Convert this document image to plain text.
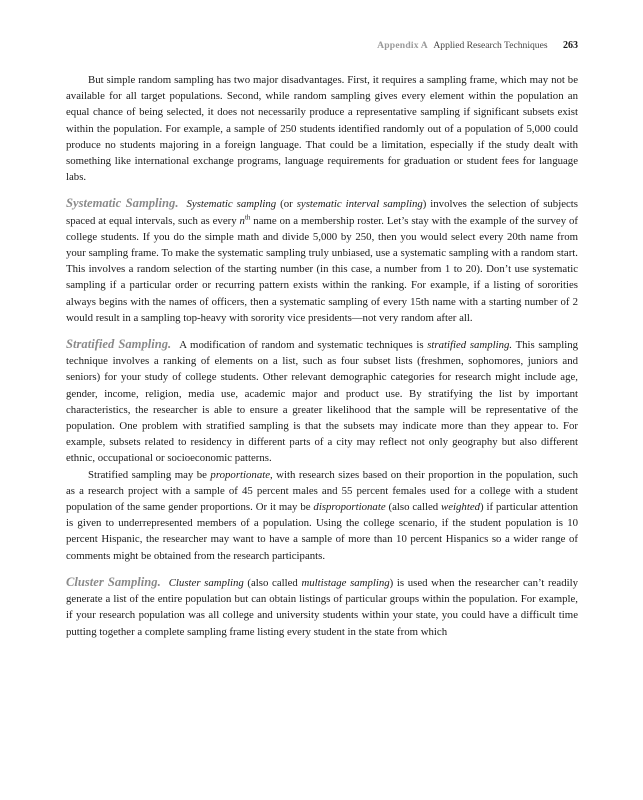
Appendix A Applied Research Techniques	263

But simple random sampling has two major disadvantages. First, it requires a sampling frame, which may not be available for all target populations. Second, while random sampling gives every element within the population an equal chance of being selected, it does not necessarily produce a representative sampling if significant subsets exist within the population. For example, a sample of 250 students identified randomly out of a population of 5,000 could produce no students majoring in a foreign language. That could be a limitation, especially if the study dealt with something like international exchange programs, language requirements for graduation or student fees for language labs.

Systematic Sampling. Systematic sampling (or systematic interval sampling) involves the selection of subjects spaced at equal intervals, such as every $n^{th}$ name on a membership roster. Let’s stay with the example of the survey of college students. If you do the simple math and divide 5,000 by 250, then you would select every 20th name from your sampling frame. To make the systematic sampling truly unbiased, use a systematic sampling with a random start. This involves a random selection of the starting number (in this case, a number from 1 to 20). Don’t use systematic sampling if a particular order or recurring pattern exists within the ranking. For example, if a listing of sororities always begins with the names of officers, then a systematic sampling of every 15th name with a starting number of 2 would result in a sampling top-heavy with sorority vice presidents—not very random after all.

Stratified Sampling. A modification of random and systematic techniques is stratified sampling. This sampling technique involves a ranking of elements on a list, such as four subset lists (freshmen, sophomores, juniors and seniors) for your study of college students. Other relevant demographic categories for research might include age, gender, income, religion, media use, academic major and product use. By stratifying the list by important characteristics, the researcher is able to ensure a greater likelihood that the sample will be representative of the population. One problem with stratified sampling is that the subsets may indicate more than they appear to. For example, subsets related to residency in different parts of a city may reflect not only geography but also different ethnic, occupational or socioeconomic patterns.

Stratified sampling may be proportionate, with research sizes based on their proportion in the population, such as a research project with a sample of 45 percent males and 55 percent females used for a college with a student population of the same gender proportions. Or it may be disproportionate (also called weighted) if particular attention is given to underrepresented members of a population. Using the college scenario, if the student population is 10 percent Hispanic, the researcher may want to have a sample of more than 10 percent Hispanics so a wider range of comments might be obtained from the research participants.

Cluster Sampling. Cluster sampling (also called multistage sampling) is used when the researcher can’t readily generate a list of the entire population but can obtain listings of particular groups within the population. For example, if your research population was all college and university students within your state, you could have a difficult time putting together a complete sampling frame listing every student in the state from which
